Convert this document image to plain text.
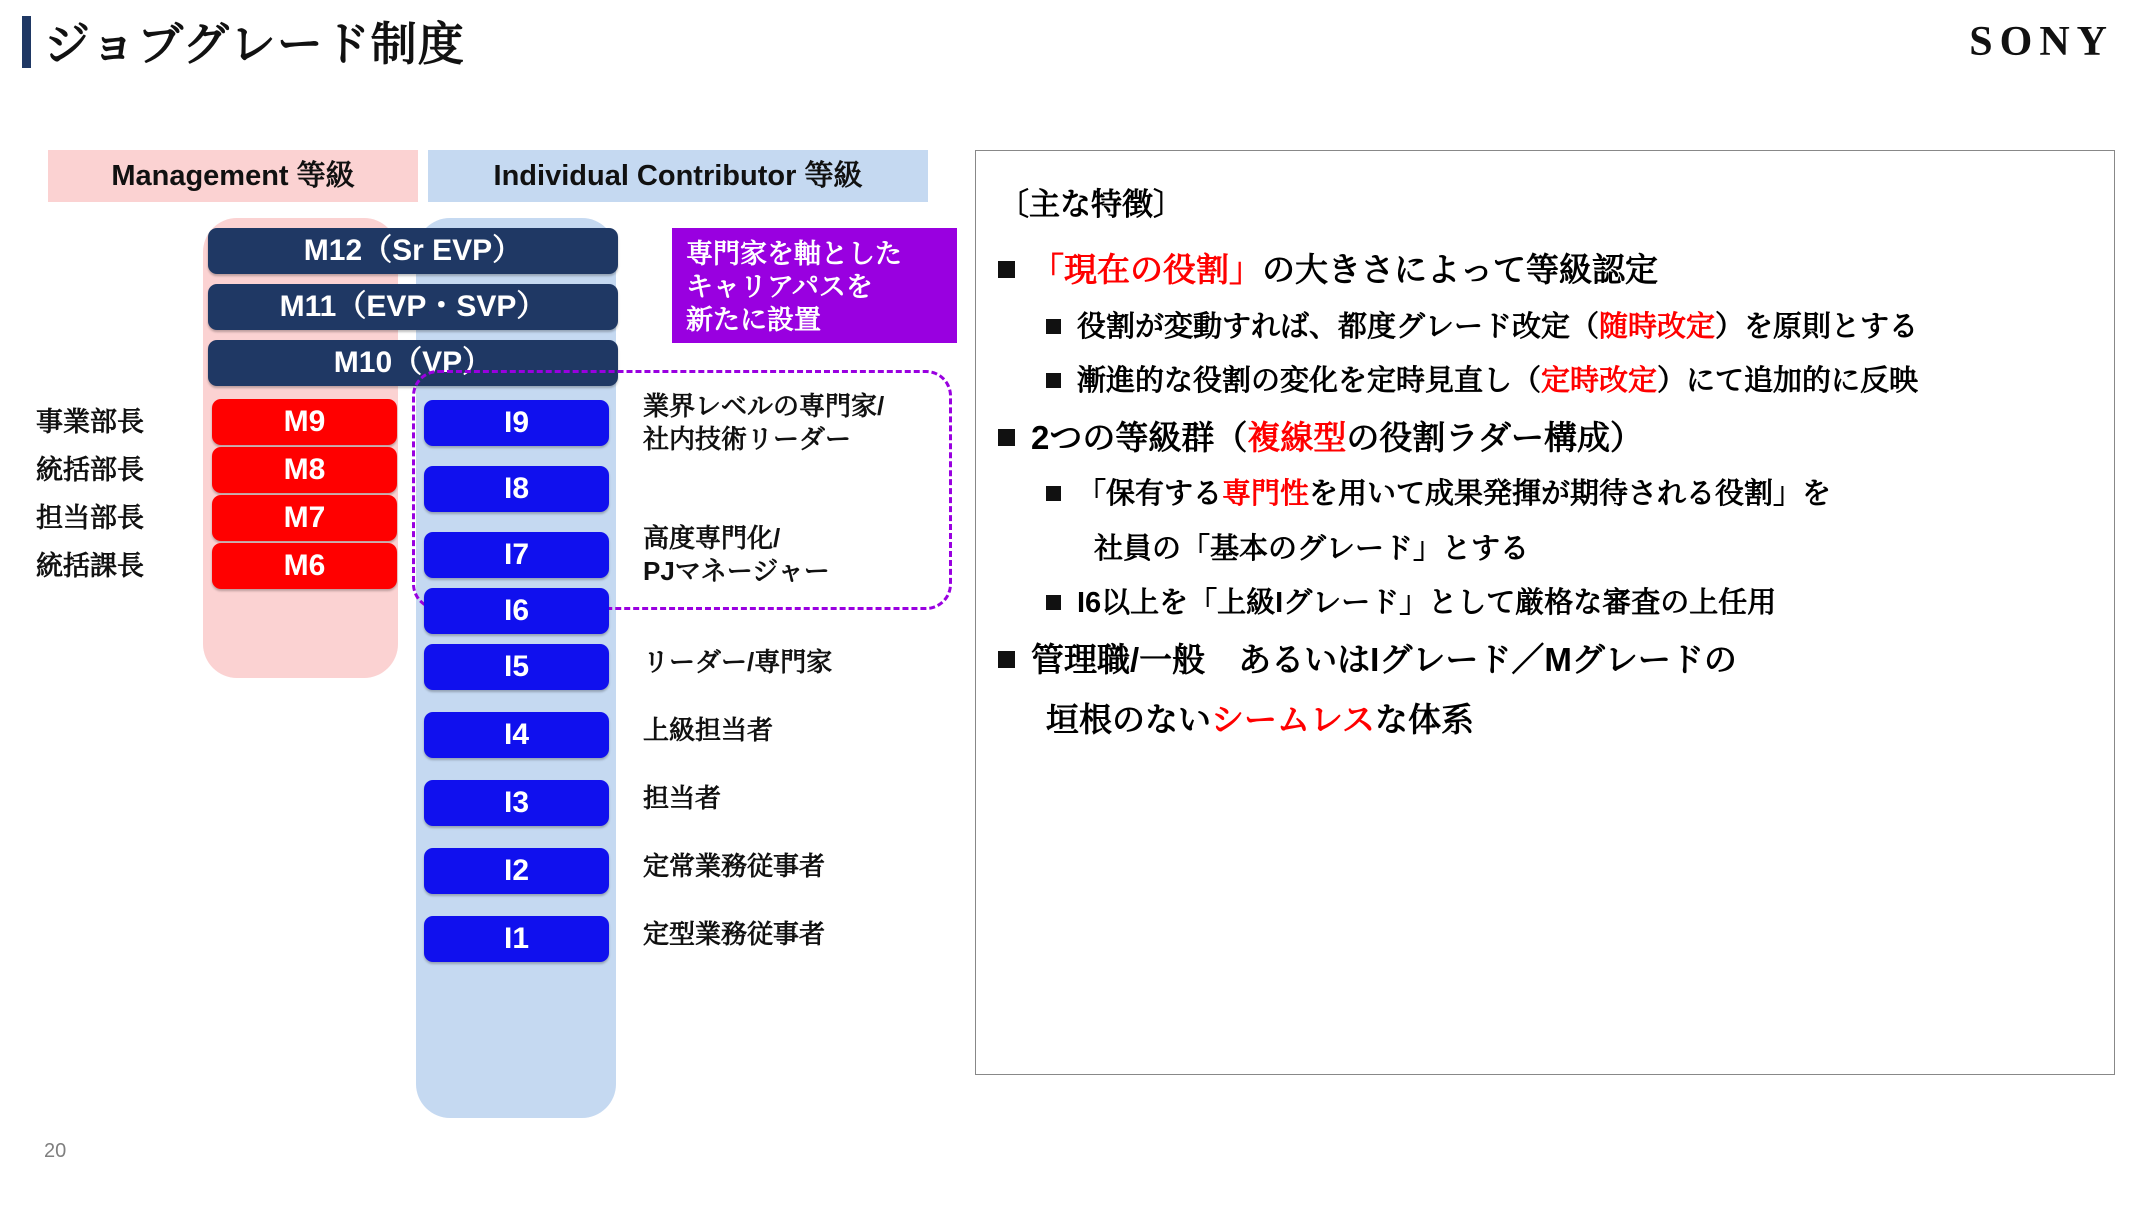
ジョブグレード制度	SONY
Management 等級	Individual Contributor 等級
専門家を軸とした
キャリアパスを
新たに設置
M12（Sr EVP）
M11（EVP・SVP）
M10（VP）
事業部長	M9
統括部長	M8
担当部長	M7
統括課長	M6
I9	業界レベルの専門家/
社内技術リーダー
I8
I7	高度専門化/
PJマネージャー
I6
I5	リーダー/専門家
I4	上級担当者
I3	担当者
I2	定常業務従事者
I1	定型業務従事者
〔主な特徴〕
「現在の役割」の大きさによって等級認定
役割が変動すれば、都度グレード改定（随時改定）を原則とする
漸進的な役割の変化を定時見直し（定時改定）にて追加的に反映
2つの等級群（複線型の役割ラダー構成）
「保有する専門性を用いて成果発揮が期待される役割」を
社員の「基本のグレード」とする
I6以上を「上級Iグレード」として厳格な審査の上任用
管理職/一般　あるいはIグレード／Mグレードの
垣根のないシームレスな体系
20
